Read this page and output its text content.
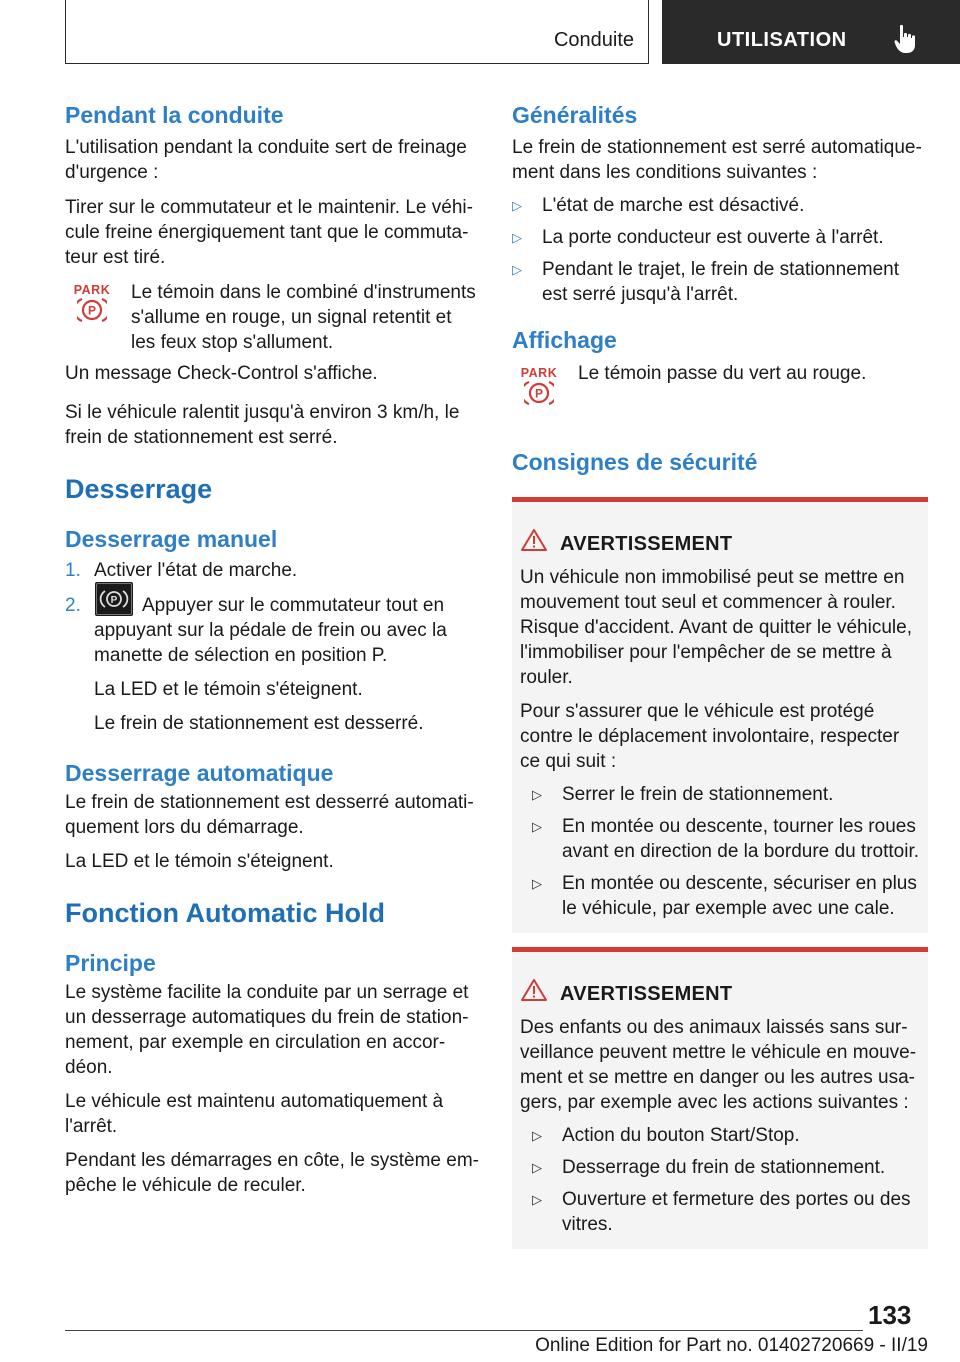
Conduite	UTILISATION
Pendant la conduite

L'utilisation pendant la conduite sert de freinage d'urgence :

Tirer sur le commutateur et le maintenir. Le véhicule freine énergiquement tant que le commutateur est tiré.

PARK
P

Le témoin dans le combiné d'instruments s'allume en rouge, un signal retentit et les feux stop s'allument.

Un message Check-Control s'affiche.

Si le véhicule ralentit jusqu'à environ 3 km/h, le frein de stationnement est serré.

Desserrage
Desserrage manuel
1. Activer l'état de marche.
2.	P Appuyer sur le commutateur tout en appuyant sur la pédale de frein ou avec la manette de sélection en position P.

La LED et le témoin s'éteignent.

Le frein de stationnement est desserré.

Desserrage automatique

Le frein de stationnement est desserré automatiquement lors du démarrage.

La LED et le témoin s'éteignent.

Fonction Automatic Hold
Principe

Le système facilite la conduite par un serrage et un desserrage automatiques du frein de stationnement, par exemple en circulation en accordéon.

Le véhicule est maintenu automatiquement à l'arrêt.

Pendant les démarrages en côte, le système empêche le véhicule de reculer.

Généralités

Le frein de stationnement est serré automatiquement dans les conditions suivantes :

▷	L'état de marche est désactivé.
▷	La porte conducteur est ouverte à l'arrêt.
▷	Pendant le trajet, le frein de stationnement est serré jusqu'à l'arrêt.
Affichage
PARK
P

Le témoin passe du vert au rouge.

Consignes de sécurité
AVERTISSEMENT

Un véhicule non immobilisé peut se mettre en mouvement tout seul et commencer à rouler. Risque d'accident. Avant de quitter le véhicule, l'immobiliser pour l'empêcher de se mettre à rouler.

Pour s'assurer que le véhicule est protégé contre le déplacement involontaire, respecter ce qui suit :

▷	Serrer le frein de stationnement.
▷	En montée ou descente, tourner les roues avant en direction de la bordure du trottoir.
▷	En montée ou descente, sécuriser en plus le véhicule, par exemple avec une cale.
AVERTISSEMENT

Des enfants ou des animaux laissés sans surveillance peuvent mettre le véhicule en mouvement et se mettre en danger ou les autres usagers, par exemple avec les actions suivantes :

▷	Action du bouton Start/Stop.
▷	Desserrage du frein de stationnement.
▷	Ouverture et fermeture des portes ou des vitres.
133
Online Edition for Part no. 01402720669 - II/19
